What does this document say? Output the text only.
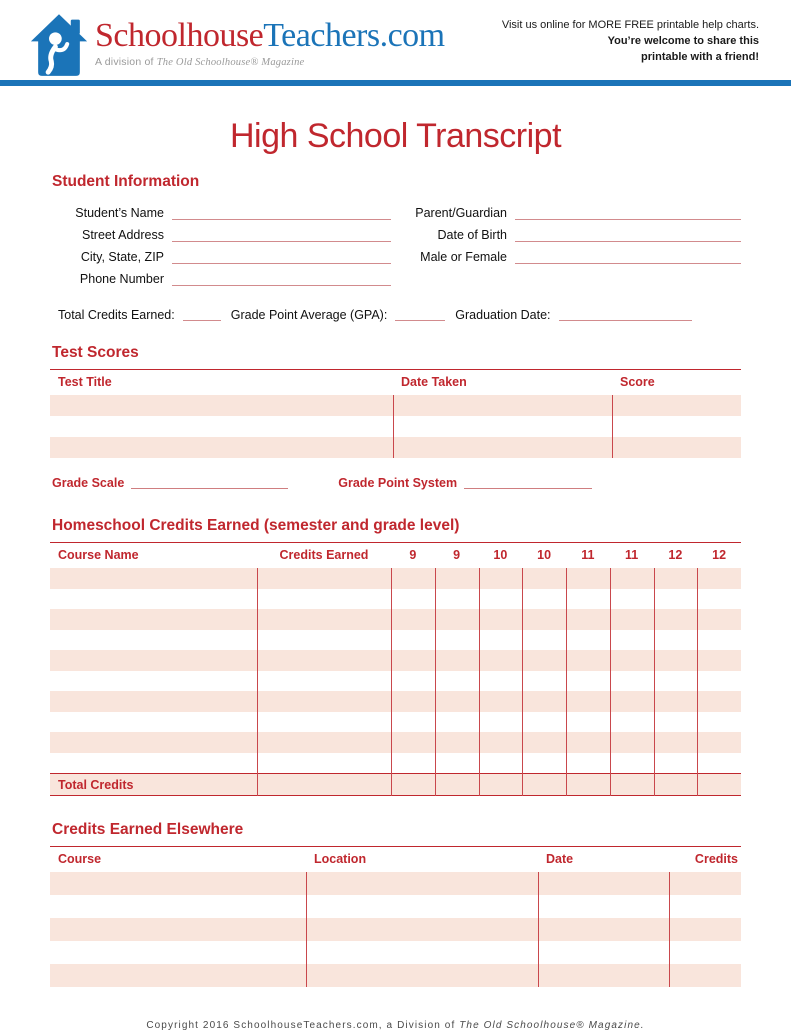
SchoolhouseTeachers.com
A division of The Old Schoolhouse® Magazine
Visit us online for MORE FREE printable help charts.
You’re welcome to share this
printable with a friend!
High School Transcript
Student Information
Student’s Name
Street Address
City, State, ZIP
Phone Number
Parent/Guardian
Date of Birth
Male or Female
Total Credits Earned:	Grade Point Average (GPA):	Graduation Date:
Test Scores
Test Title	Date Taken	Score
Grade Scale	Grade Point System
Homeschool Credits Earned (semester and grade level)
Course Name	Credits Earned	9	9	10	10	11	11	12	12
Total Credits
Credits Earned Elsewhere
Course	Location	Date	Credits
Copyright 2016 SchoolhouseTeachers.com, a Division of The Old Schoolhouse® Magazine.
